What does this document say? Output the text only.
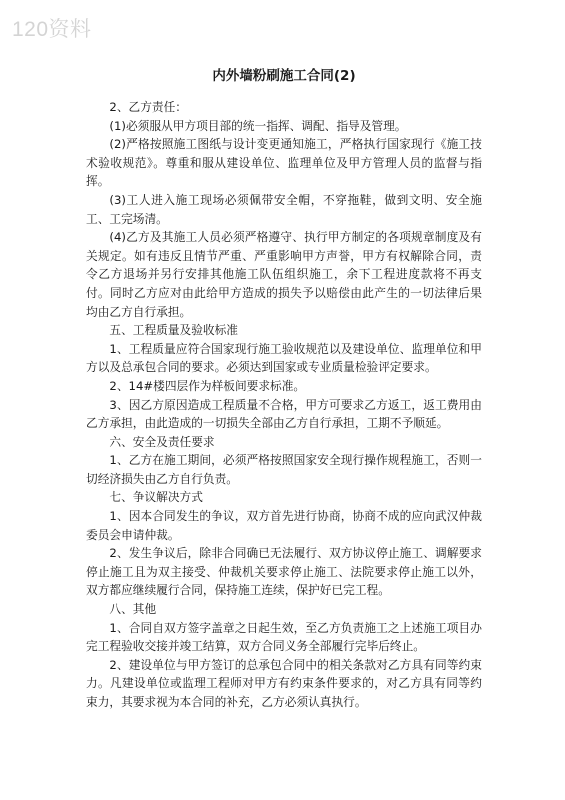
120资料
内外墙粉刷施工合同(2)

2、乙方责任：

(1)必须服从甲方项目部的统一指挥、调配、指导及管理。

(2)严格按照施工图纸与设计变更通知施工，严格执行国家现行《施工技术验收规范》。尊重和服从建设单位、监理单位及甲方管理人员的监督与指挥。

(3)工人进入施工现场必须佩带安全帽，不穿拖鞋，做到文明、安全施工、工完场清。

(4)乙方及其施工人员必须严格遵守、执行甲方制定的各项规章制度及有关规定。如有违反且情节严重、严重影响甲方声誉，甲方有权解除合同，责令乙方退场并另行安排其他施工队伍组织施工，余下工程进度款将不再支付。同时乙方应对由此给甲方造成的损失予以赔偿由此产生的一切法律后果均由乙方自行承担。

五、工程质量及验收标准

1、工程质量应符合国家现行施工验收规范以及建设单位、监理单位和甲方以及总承包合同的要求。必须达到国家或专业质量检验评定要求。

2、14#楼四层作为样板间要求标准。

3、因乙方原因造成工程质量不合格，甲方可要求乙方返工，返工费用由乙方承担，由此造成的一切损失全部由乙方自行承担，工期不予顺延。

六、安全及责任要求

1、乙方在施工期间，必须严格按照国家安全现行操作规程施工，否则一切经济损失由乙方自行负责。

七、争议解决方式

1、因本合同发生的争议，双方首先进行协商，协商不成的应向武汉仲裁委员会申请仲裁。

2、发生争议后，除非合同确已无法履行、双方协议停止施工、调解要求停止施工且为双主接受、仲裁机关要求停止施工、法院要求停止施工以外，双方都应继续履行合同，保持施工连续，保护好已完工程。

八、其他

1、合同自双方签字盖章之日起生效，至乙方负责施工之上述施工项目办完工程验收交接并竣工结算，双方合同义务全部履行完毕后终止。

2、建设单位与甲方签订的总承包合同中的相关条款对乙方具有同等约束力。凡建设单位或监理工程师对甲方有约束条件要求的，对乙方具有同等约束力，其要求视为本合同的补充，乙方必须认真执行。
